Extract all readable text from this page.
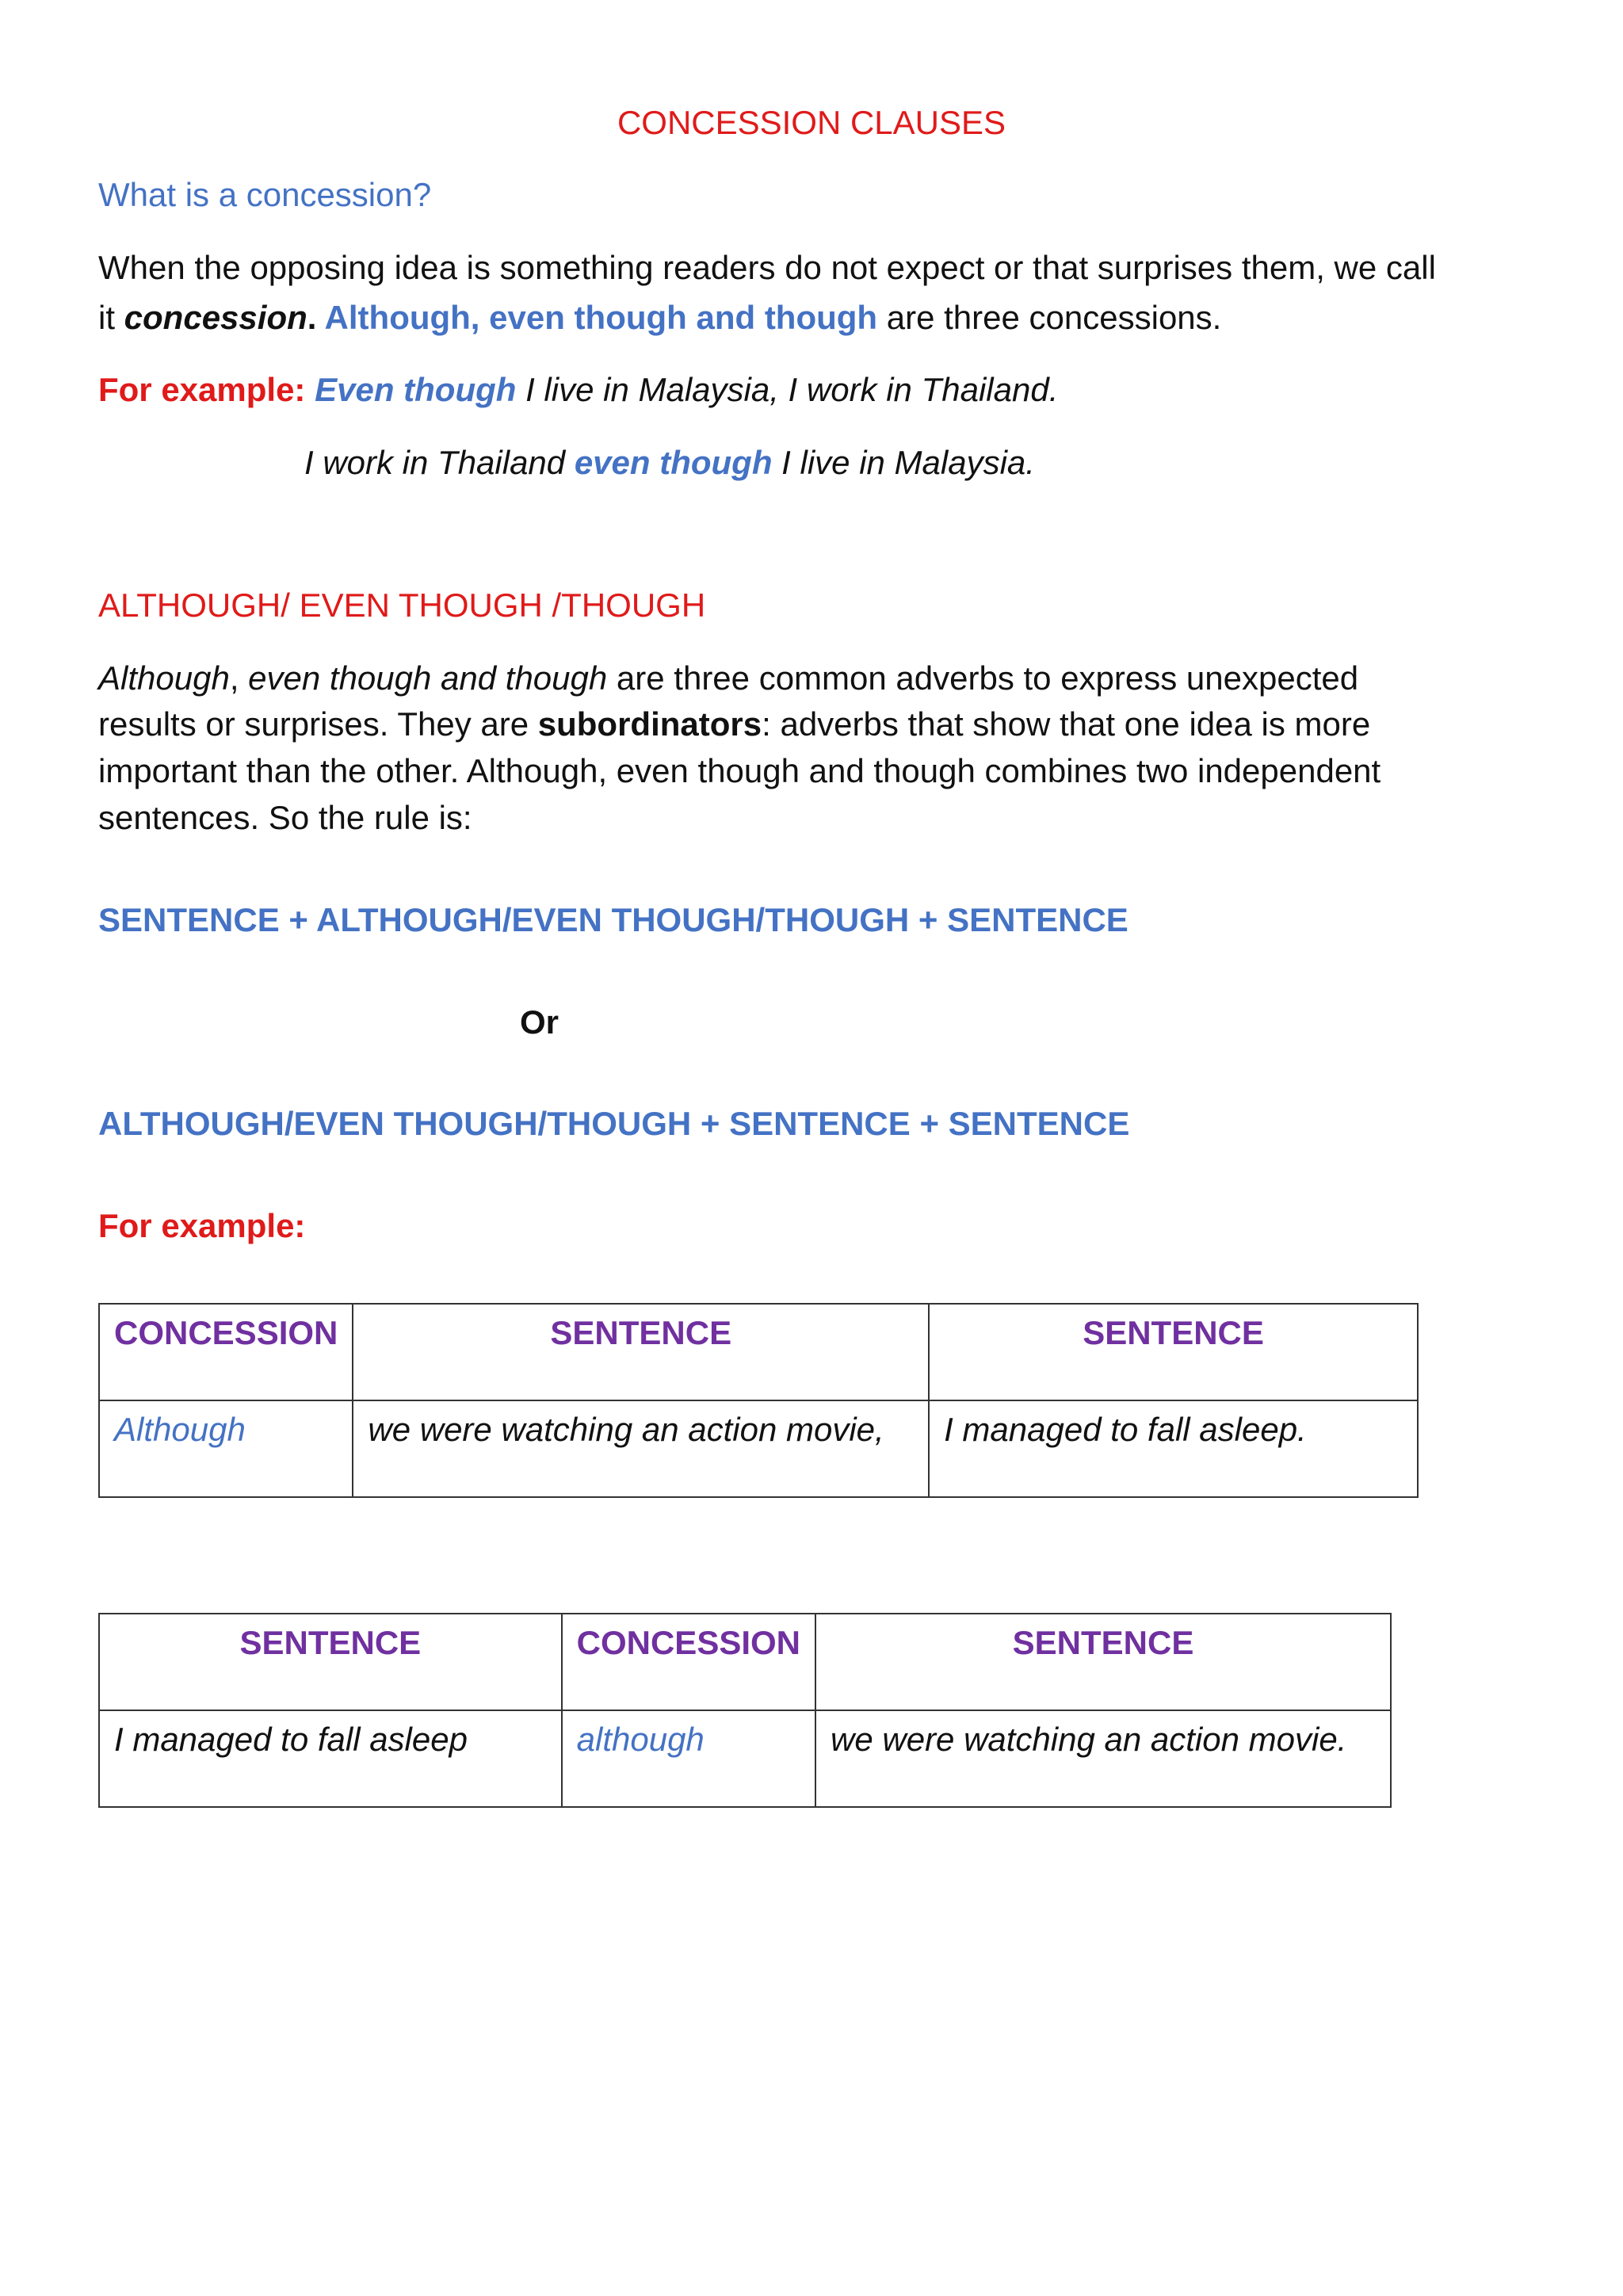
CONCESSION CLAUSES
What is a concession?
When the opposing idea is something readers do not expect or that surprises them, we call
it concession. Although, even though and though are three concessions.
For example: Even though I live in Malaysia, I work in Thailand.
I work in Thailand even though I live in Malaysia.
ALTHOUGH/ EVEN THOUGH /THOUGH
Although, even though and though are three common adverbs to express unexpected
results or surprises. They are subordinators: adverbs that show that one idea is more
important than the other. Although, even though and though combines two independent
sentences. So the rule is:
SENTENCE + ALTHOUGH/EVEN THOUGH/THOUGH + SENTENCE
Or
ALTHOUGH/EVEN THOUGH/THOUGH + SENTENCE + SENTENCE
For example:
CONCESSION	SENTENCE	SENTENCE
Although	we were watching an action movie,	I managed to fall asleep.
SENTENCE	CONCESSION	SENTENCE
I managed to fall asleep	although	we were watching an action movie.
